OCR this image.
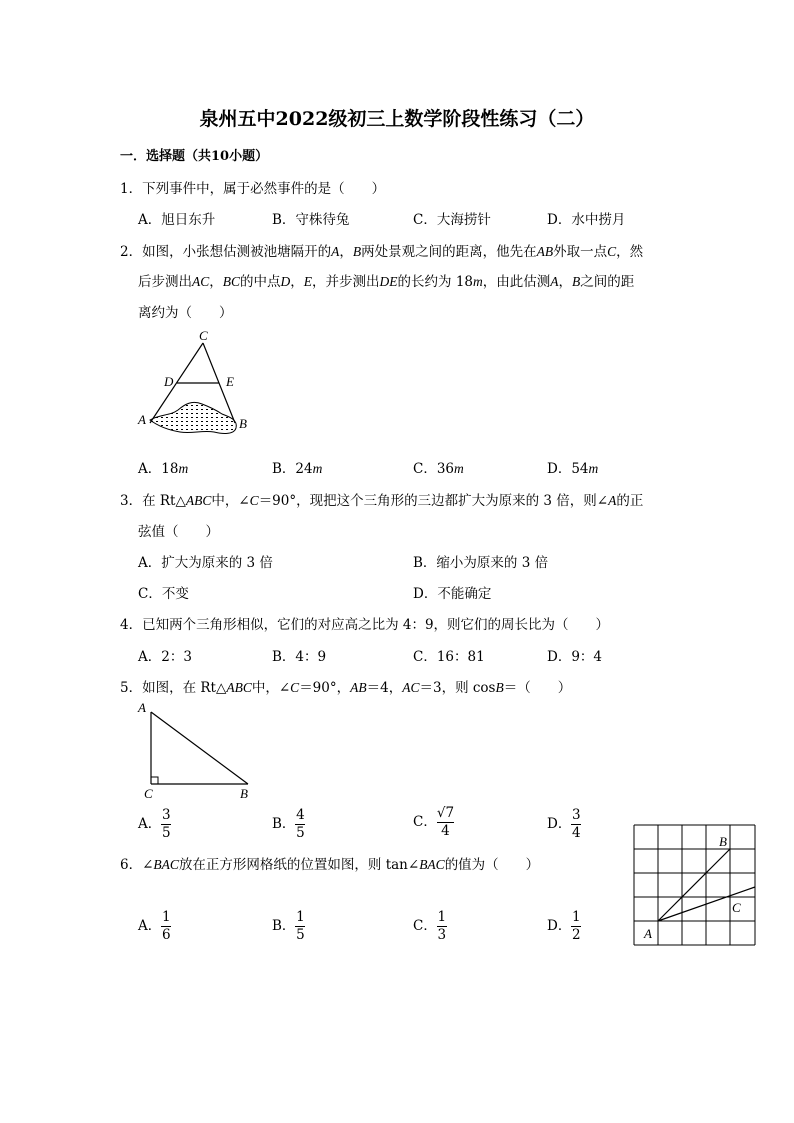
泉州五中2022级初三上数学阶段性练习（二）
一．选择题（共10小题）
1．下列事件中，属于必然事件的是（　　）
A．旭日东升	B．守株待兔	C．大海捞针	D．水中捞月
2．如图，小张想估测被池塘隔开的A，B两处景观之间的距离，他先在AB外取一点C，然
后步测出AC，BC的中点D，E，并步测出DE的长约为 18m，由此估测A，B之间的距
离约为（　　）
C
D	E
A	B
A．18m	B．24m	C．36m	D．54m
3．在 Rt△ABC中，∠C＝90°，现把这个三角形的三边都扩大为原来的 3 倍，则∠A的正
弦值（　　）
A．扩大为原来的 3 倍	B．缩小为原来的 3 倍
C．不变	D．不能确定
4．已知两个三角形相似，它们的对应高之比为 4：9，则它们的周长比为（　　）
A．2：3	B．4：9	C．16：81	D．9：4
5．如图，在 Rt△ABC中，∠C＝90°，AB＝4，AC＝3，则 cosB＝（　　）
A
C	B
A． $\frac{3}{5}$	B． $\frac{4}{5}$	C． $\frac{√7}{4}$	D． $\frac{3}{4}$
6．∠BAC放在正方形网格纸的位置如图，则 tan∠BAC的值为（　　）
B
C
A
A． $\frac{1}{6}$	B． $\frac{1}{5}$	C． $\frac{1}{3}$	D． $\frac{1}{2}$
